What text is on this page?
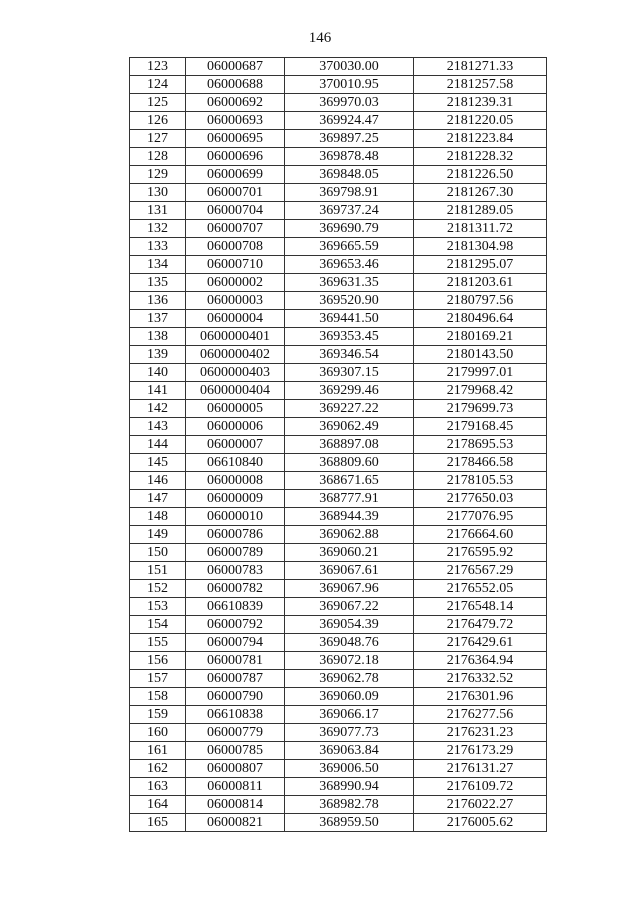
146
123	06000687	370030.00	2181271.33
124	06000688	370010.95	2181257.58
125	06000692	369970.03	2181239.31
126	06000693	369924.47	2181220.05
127	06000695	369897.25	2181223.84
128	06000696	369878.48	2181228.32
129	06000699	369848.05	2181226.50
130	06000701	369798.91	2181267.30
131	06000704	369737.24	2181289.05
132	06000707	369690.79	2181311.72
133	06000708	369665.59	2181304.98
134	06000710	369653.46	2181295.07
135	06000002	369631.35	2181203.61
136	06000003	369520.90	2180797.56
137	06000004	369441.50	2180496.64
138	0600000401	369353.45	2180169.21
139	0600000402	369346.54	2180143.50
140	0600000403	369307.15	2179997.01
141	0600000404	369299.46	2179968.42
142	06000005	369227.22	2179699.73
143	06000006	369062.49	2179168.45
144	06000007	368897.08	2178695.53
145	06610840	368809.60	2178466.58
146	06000008	368671.65	2178105.53
147	06000009	368777.91	2177650.03
148	06000010	368944.39	2177076.95
149	06000786	369062.88	2176664.60
150	06000789	369060.21	2176595.92
151	06000783	369067.61	2176567.29
152	06000782	369067.96	2176552.05
153	06610839	369067.22	2176548.14
154	06000792	369054.39	2176479.72
155	06000794	369048.76	2176429.61
156	06000781	369072.18	2176364.94
157	06000787	369062.78	2176332.52
158	06000790	369060.09	2176301.96
159	06610838	369066.17	2176277.56
160	06000779	369077.73	2176231.23
161	06000785	369063.84	2176173.29
162	06000807	369006.50	2176131.27
163	06000811	368990.94	2176109.72
164	06000814	368982.78	2176022.27
165	06000821	368959.50	2176005.62
